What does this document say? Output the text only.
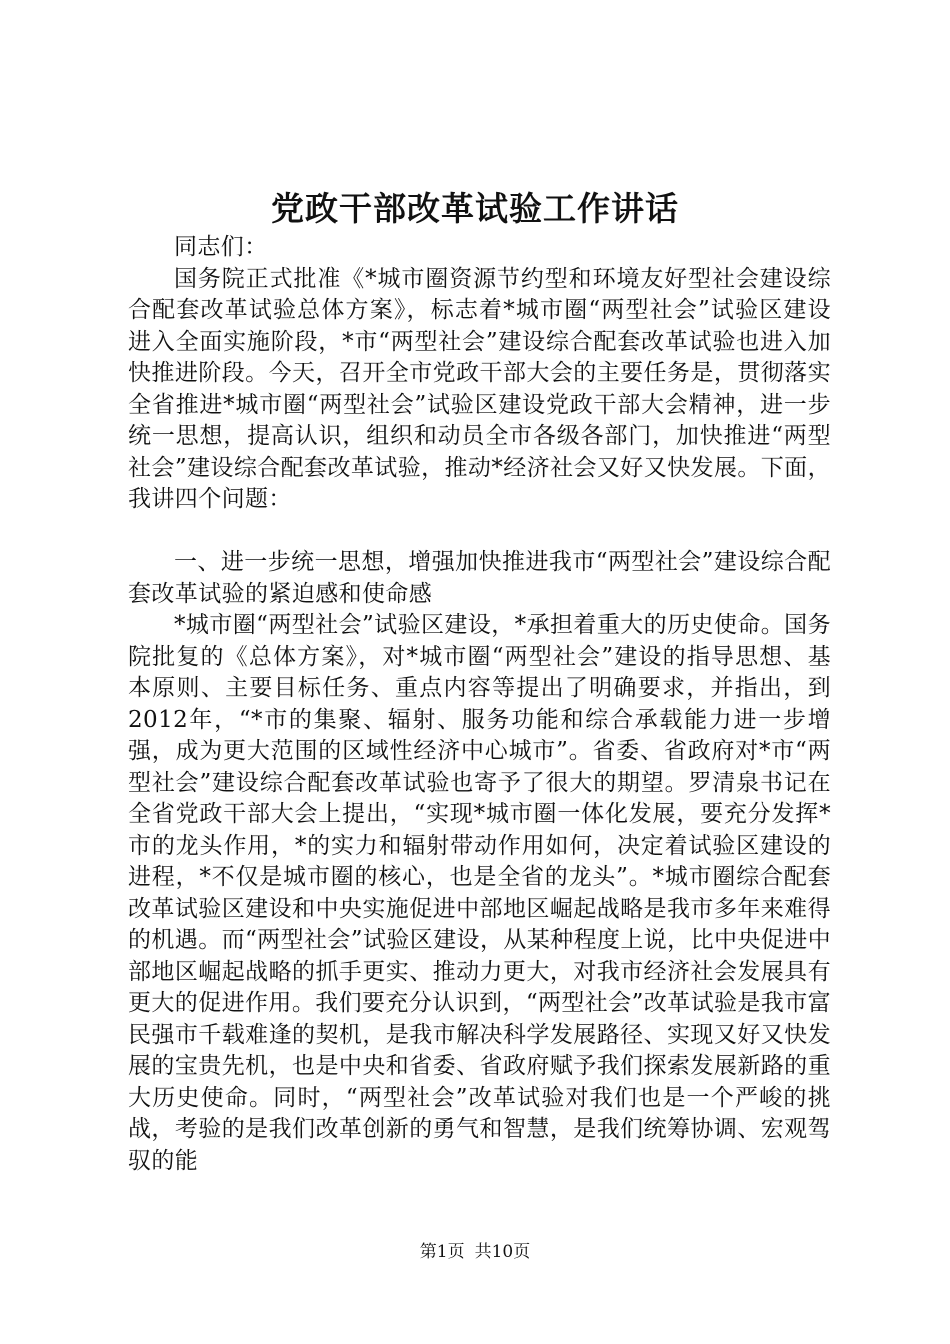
党政干部改革试验工作讲话

同志们：

国务院正式批准《*城市圈资源节约型和环境友好型社会建设综合配套改革试验总体方案》，标志着*城市圈“两型社会”试验区建设进入全面实施阶段，*市“两型社会”建设综合配套改革试验也进入加快推进阶段。今天，召开全市党政干部大会的主要任务是，贯彻落实全省推进*城市圈“两型社会”试验区建设党政干部大会精神，进一步统一思想，提高认识，组织和动员全市各级各部门，加快推进“两型社会”建设综合配套改革试验，推动*经济社会又好又快发展。下面，我讲四个问题：

一、进一步统一思想，增强加快推进我市“两型社会”建设综合配套改革试验的紧迫感和使命感

*城市圈“两型社会”试验区建设，*承担着重大的历史使命。国务院批复的《总体方案》，对*城市圈“两型社会”建设的指导思想、基本原则、主要目标任务、重点内容等提出了明确要求，并指出，到2012年，“*市的集聚、辐射、服务功能和综合承载能力进一步增强，成为更大范围的区域性经济中心城市”。省委、省政府对*市“两型社会”建设综合配套改革试验也寄予了很大的期望。罗清泉书记在全省党政干部大会上提出，“实现*城市圈一体化发展，要充分发挥*市的龙头作用，*的实力和辐射带动作用如何，决定着试验区建设的进程，*不仅是城市圈的核心，也是全省的龙头”。*城市圈综合配套改革试验区建设和中央实施促进中部地区崛起战略是我市多年来难得的机遇。而“两型社会”试验区建设，从某种程度上说，比中央促进中部地区崛起战略的抓手更实、推动力更大，对我市经济社会发展具有更大的促进作用。我们要充分认识到，“两型社会”改革试验是我市富民强市千载难逢的契机，是我市解决科学发展路径、实现又好又快发展的宝贵先机，也是中央和省委、省政府赋予我们探索发展新路的重大历史使命。同时，“两型社会”改革试验对我们也是一个严峻的挑战，考验的是我们改革创新的勇气和智慧，是我们统筹协调、宏观驾驭的能

第1页 共10页
